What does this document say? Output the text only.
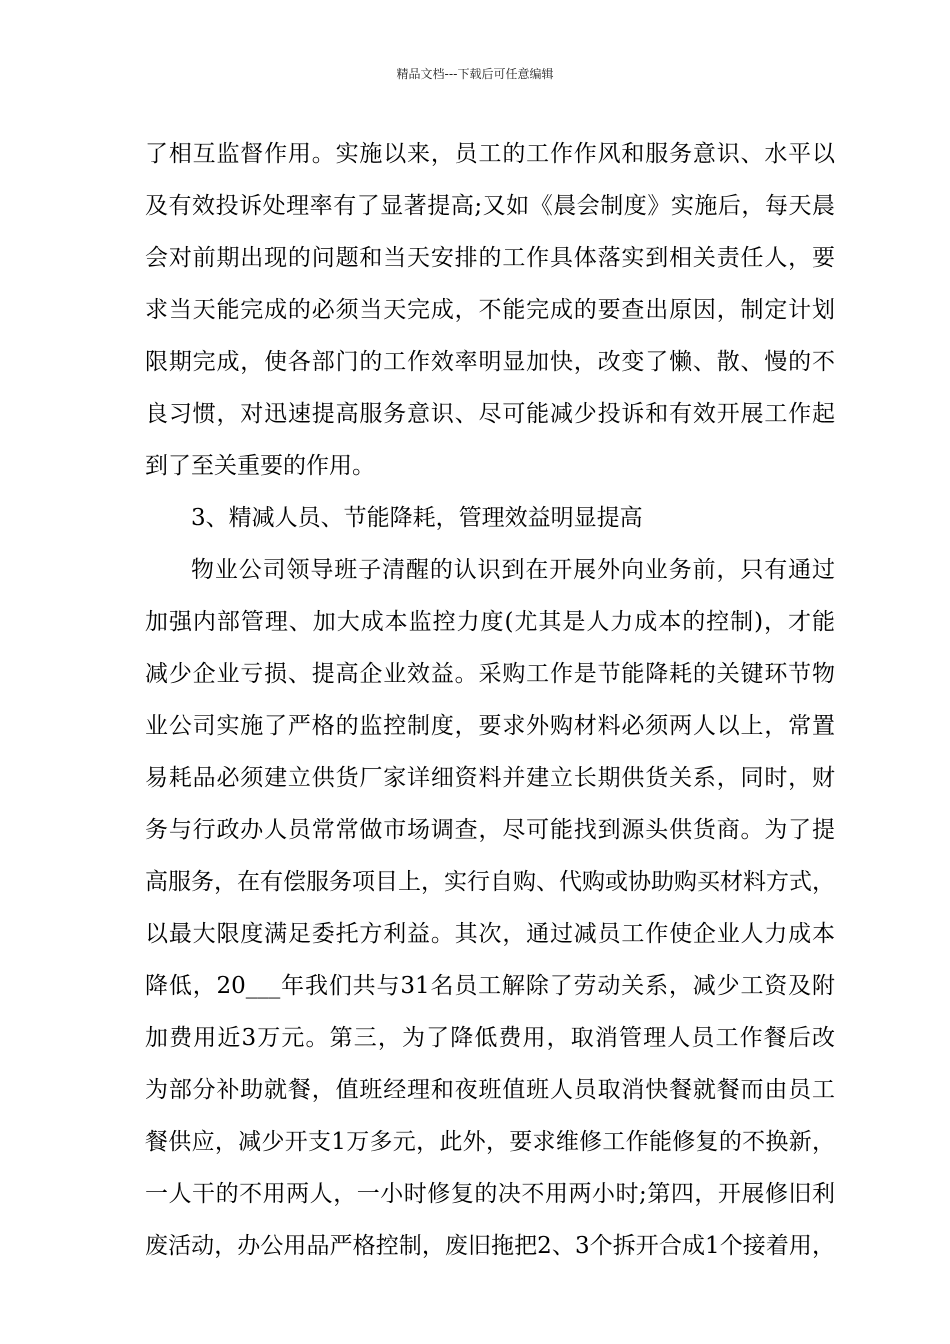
精品文档---下载后可任意编辑
了相互监督作用。实施以来，员工的工作作风和服务意识、水平以
及有效投诉处理率有了显著提高;又如《晨会制度》实施后，每天晨
会对前期出现的问题和当天安排的工作具体落实到相关责任人，要
求当天能完成的必须当天完成，不能完成的要查出原因，制定计划
限期完成，使各部门的工作效率明显加快，改变了懒、散、慢的不
良习惯，对迅速提高服务意识、尽可能减少投诉和有效开展工作起
到了至关重要的作用。
3、精减人员、节能降耗，管理效益明显提高
物业公司领导班子清醒的认识到在开展外向业务前，只有通过
加强内部管理、加大成本监控力度(尤其是人力成本的控制)，才能
减少企业亏损、提高企业效益。采购工作是节能降耗的关键环节物
业公司实施了严格的监控制度，要求外购材料必须两人以上，常置
易耗品必须建立供货厂家详细资料并建立长期供货关系，同时，财
务与行政办人员常常做市场调查，尽可能找到源头供货商。为了提
高服务，在有偿服务项目上，实行自购、代购或协助购买材料方式，
以最大限度满足委托方利益。其次，通过减员工作使企业人力成本
降低，20___年我们共与31名员工解除了劳动关系，减少工资及附
加费用近3万元。第三，为了降低费用，取消管理人员工作餐后改
为部分补助就餐，值班经理和夜班值班人员取消快餐就餐而由员工
餐供应，减少开支1万多元，此外，要求维修工作能修复的不换新，
一人干的不用两人，一小时修复的决不用两小时;第四，开展修旧利
废活动，办公用品严格控制，废旧拖把2、3个拆开合成1个接着用，
